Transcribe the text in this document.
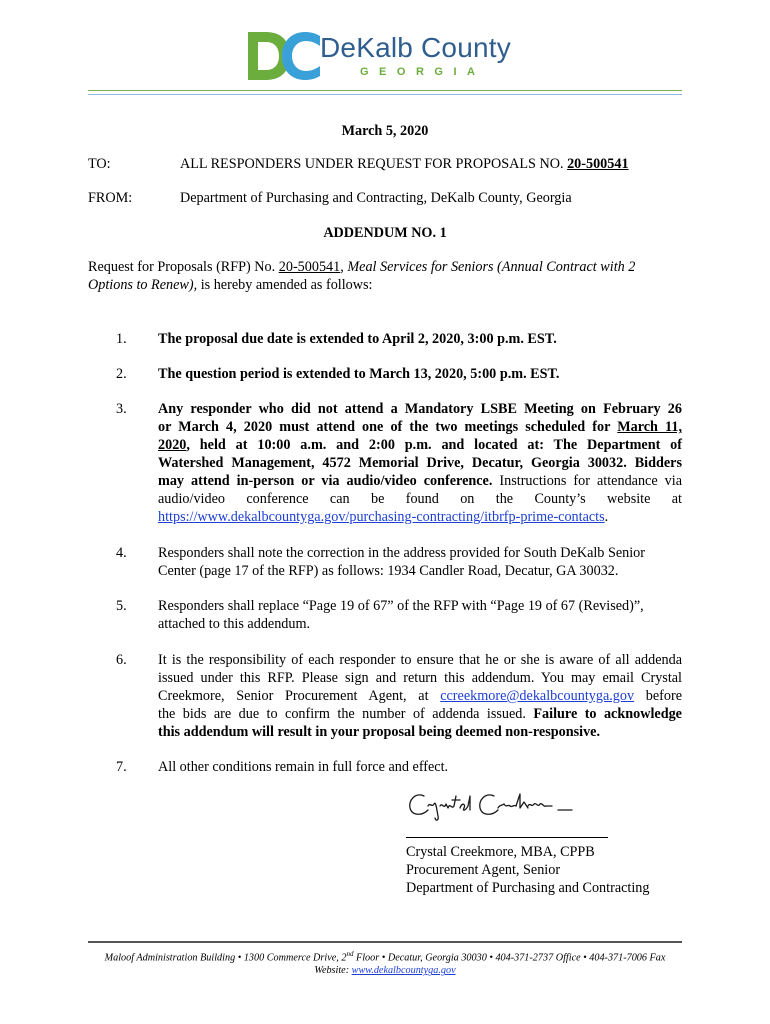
DeKalb County
GEORGIA
March 5, 2020
TO:	ALL RESPONDERS UNDER REQUEST FOR PROPOSALS NO. 20-500541
FROM:	Department of Purchasing and Contracting, DeKalb County, Georgia
ADDENDUM NO. 1
Request for Proposals (RFP) No. 20-500541, Meal Services for Seniors (Annual Contract with 2
Options to Renew), is hereby amended as follows:
1. The proposal due date is extended to April 2, 2020, 3:00 p.m. EST.
2. The question period is extended to March 13, 2020, 5:00 p.m. EST.
3. Any responder who did not attend a Mandatory LSBE Meeting on February 26
or March 4, 2020 must attend one of the two meetings scheduled for March 11,
2020, held at 10:00 a.m. and 2:00 p.m. and located at: The Department of
Watershed Management, 4572 Memorial Drive, Decatur, Georgia 30032. Bidders
may attend in-person or via audio/video conference. Instructions for attendance via
audio/video conference can be found on the County’s website at
https://www.dekalbcountyga.gov/purchasing-contracting/itbrfp-prime-contacts.
4. Responders shall note the correction in the address provided for South DeKalb Senior
Center (page 17 of the RFP) as follows: 1934 Candler Road, Decatur, GA 30032.
5. Responders shall replace “Page 19 of 67” of the RFP with “Page 19 of 67 (Revised)”,
attached to this addendum.
6. It is the responsibility of each responder to ensure that he or she is aware of all addenda
issued under this RFP. Please sign and return this addendum. You may email Crystal
Creekmore, Senior Procurement Agent, at ccreekmore@dekalbcountyga.gov before
the bids are due to confirm the number of addenda issued. Failure to acknowledge
this addendum will result in your proposal being deemed non-responsive.
7. All other conditions remain in full force and effect.
Crystal Creekmore, MBA, CPPB
Procurement Agent, Senior
Department of Purchasing and Contracting
Maloof Administration Building • 1300 Commerce Drive, 2nd Floor • Decatur, Georgia 30030 • 404-371-2737 Office • 404-371-7006 Fax
Website: www.dekalbcountyga.gov
